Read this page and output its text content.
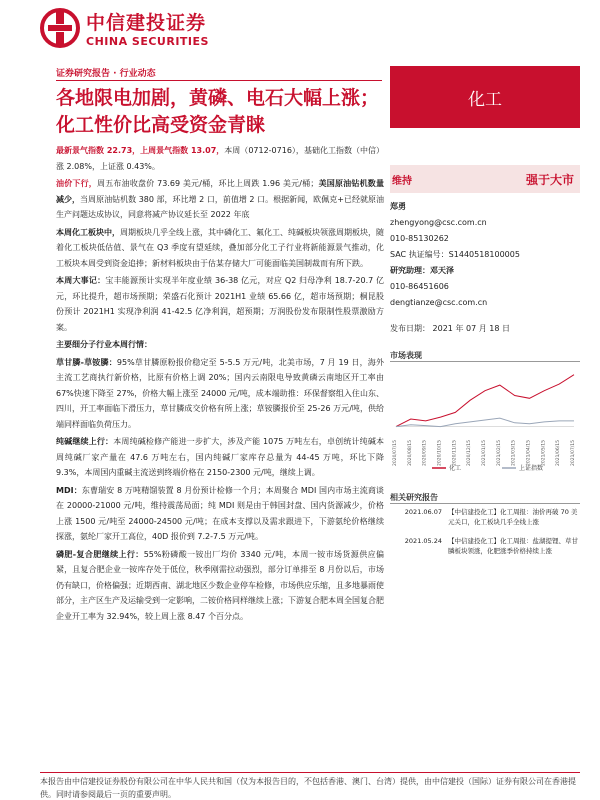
中信建投证券
CHINA SECURITIES
证券研究报告 · 行业动态
各地限电加剧，黄磷、电石大幅上涨；化工性价比高受资金青睐
化工

最新景气指数 22.73，上周景气指数 13.07，本周（0712-0716），基础化工指数（中信）涨 2.08%，上证涨 0.43%。

油价下行，周五布油收盘价 73.69 美元/桶，环比上周跌 1.96 美元/桶；美国原油钻机数量减少，当周原油钻机数 380 部，环比增 2 口，前值增 2 口。根据新闻，欧佩克+已经就原油生产问题达成协议，同意将减产协议延长至 2022 年底

本周化工板块中，周期板块几乎全线上涨，其中磷化工、氟化工、纯碱板块领涨周期板块，随着化工板块低估值、景气在 Q3 季度有望延续，叠加部分化工子行业将新能源景气推动，化工板块本周受到资金追捧；新材料板块由于估某存储大厂可能面临美国制裁而有所下跌。

本周大事记：宝丰能源预计实现半年度业绩 36-38 亿元，对应 Q2 归母净利 18.7-20.7 亿元，环比提升，超市场预期；荣盛石化预计 2021H1 业绩 65.66 亿，超市场预期；桐昆股份预计 2021H1 实现净利润 41-42.5 亿净利润，超预期；万润股份发布限制性股票激励方案。

主要细分子行业本周行情：

草甘膦-草铵膦：95%草甘膦原粉报价稳定至 5-5.5 万元/吨，北美市场，7 月 19 日，海外主流工艺商执行新价格，比原有价格上调 20%；国内云南限电导致黄磷云南地区开工率由 67%快速下降至 27%，价格大幅上涨至 24000 元/吨，成本端助推：环保督察组入住山东、四川，开工率面临下滑压力，草甘膦成交价格有所上涨；草铵膦报价至 25-26 万元/吨，供给端同样面临负荷压力。

纯碱继续上行：本周纯碱检修产能进一步扩大，涉及产能 1075 万吨左右，卓创统计纯碱本周纯碱厂家产量在 47.6 万吨左右，国内纯碱厂家库存总量为 44-45 万吨，环比下降 9.3%，本周国内重碱主流送到终端价格在 2150-2300 元/吨，继续上调。

MDI：东曹瑞安 8 万吨精馏装置 8 月份预计检修一个月；本周聚合 MDI 国内市场主流商谈在 20000-21000 元/吨，维持震荡局面；纯 MDI 则是由于韩国封盘、国内货源减少，价格上涨 1500 元/吨至 24000-24500 元/吨；在成本支撑以及需求跟进下，下游氨纶价格继续探涨，氨纶厂家开工高位，40D 报价到 7.2-7.5 万元/吨。

磷肥-复合肥继续上行：55%粉磷酸一铵出厂均价 3340 元/吨，本周一铵市场货源供应偏紧，且复合肥企业一铵库存处于低位，秋季刚需拉动强烈，部分订单排至 8 月份以后，市场仍有缺口，价格偏强；近期西南、湖北地区少数企业停车检修，市场供应乐缩，且多地暴雨使部分，主产区生产及运输受到一定影响，二铵价格同样继续上涨；下游复合肥本周全国复合肥企业开工率为 32.94%，较上周上涨 8.47 个百分点。

维持	强于大市
郑勇
zhengyong@csc.com.cn
010-85130262
SAC 执证编号：S1440518100005
研究助理：邓天泽
010-86451606
dengtianze@csc.com.cn
发布日期： 2021 年 07 月 18 日
市场表现
2020/07/15 2020/08/15 2020/09/15 2020/10/15 2020/11/15 2020/12/15 2021/01/15 2021/02/15 2021/03/15 2021/04/15 2021/05/15 2021/06/15 2021/07/15
化工	上证指数
相关研究报告
2021.06.07 【中信建投化工】化工周报：油价再破 70 美元关口，化工板块几乎全线上涨
2021.05.24 【中信建投化工】化工周报：盐湖提锂、草甘膦板块领涨，化肥涨季价格持续上涨
本报告由中信建投证券股份有限公司在中华人民共和国（仅为本报告目的，不包括香港、澳门、台湾）提供，由中信建投（国际）证券有限公司在香港提供。同时请参阅最后一页的重要声明。
